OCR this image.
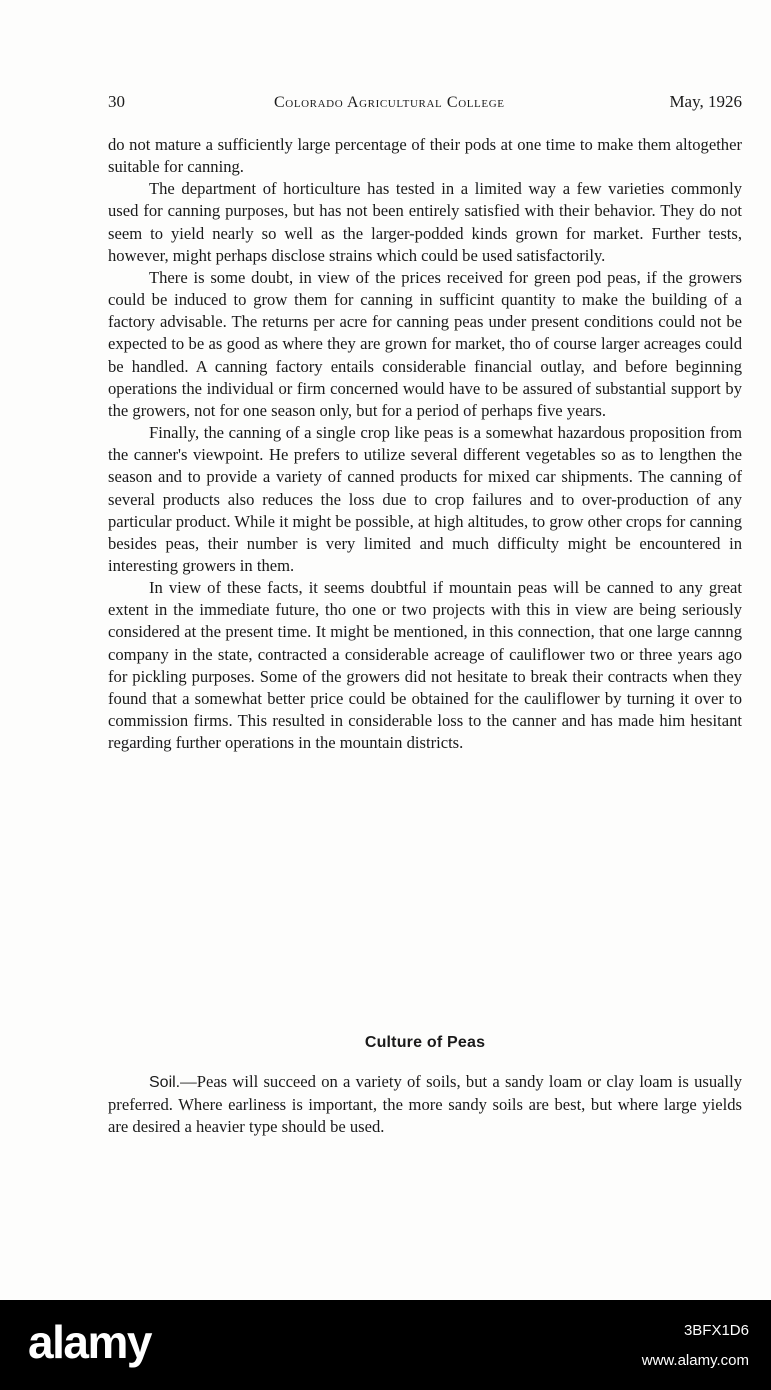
30	Colorado Agricultural College	May, 1926

do not mature a sufficiently large percentage of their pods at one time to make them altogether suitable for canning.

The department of horticulture has tested in a limited way a few varieties commonly used for canning purposes, but has not been entirely satisfied with their behavior. They do not seem to yield nearly so well as the larger-podded kinds grown for market. Further tests, however, might perhaps disclose strains which could be used satisfactorily.

There is some doubt, in view of the prices received for green pod peas, if the growers could be induced to grow them for canning in sufficint quantity to make the building of a factory advisable. The returns per acre for canning peas under present conditions could not be expected to be as good as where they are grown for market, tho of course larger acreages could be handled. A canning factory entails considerable financial outlay, and before beginning operations the individual or firm concerned would have to be assured of substantial support by the growers, not for one season only, but for a period of perhaps five years.

Finally, the canning of a single crop like peas is a somewhat hazardous proposition from the canner's viewpoint. He prefers to utilize several different vegetables so as to lengthen the season and to provide a variety of canned products for mixed car shipments. The canning of several products also reduces the loss due to crop failures and to over-production of any particular product. While it might be possible, at high altitudes, to grow other crops for canning besides peas, their number is very limited and much difficulty might be encountered in interesting growers in them.

In view of these facts, it seems doubtful if mountain peas will be canned to any great extent in the immediate future, tho one or two projects with this in view are being seriously considered at the present time. It might be mentioned, in this connection, that one large cannng company in the state, contracted a considerable acreage of cauliflower two or three years ago for pickling purposes. Some of the growers did not hesitate to break their contracts when they found that a somewhat better price could be obtained for the cauliflower by turning it over to commission firms. This resulted in considerable loss to the canner and has made him hesitant regarding further operations in the mountain districts.

Culture of Peas

Soil.—Peas will succeed on a variety of soils, but a sandy loam or clay loam is usually preferred. Where earliness is important, the more sandy soils are best, but where large yields are desired a heavier type should be used.

alamy	3BFX1D6
www.alamy.com
